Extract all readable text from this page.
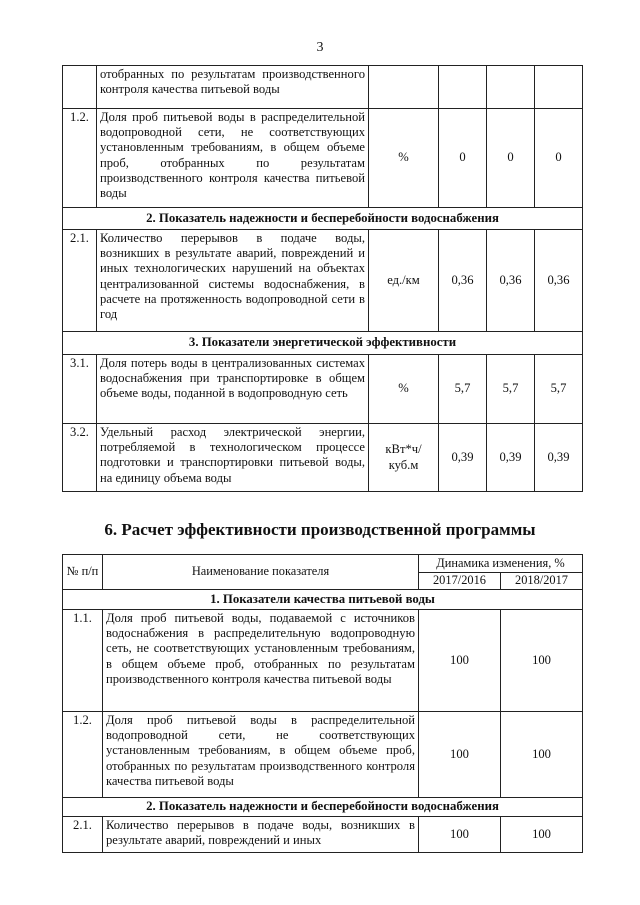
3
	отобранных по результатам производственного контроля качества питьевой воды				
1.2.	Доля проб питьевой воды в распределительной водопроводной сети, не соответствующих установленным требованиям, в общем объеме проб, отобранных по результатам производственного контроля качества питьевой воды	%	0	0	0
2. Показатель надежности и бесперебойности водоснабжения					
2.1.	Количество перерывов в подаче воды, возникших в результате аварий, повреждений и иных технологических нарушений на объектах централизованной системы водоснабжения, в расчете на протяженность водопроводной сети в год	ед./км	0,36	0,36	0,36
3. Показатели энергетической эффективности					
3.1.	Доля потерь воды в централизованных системах водоснабжения при транспортировке в общем объеме воды, поданной в водопроводную сеть	%	5,7	5,7	5,7
3.2.	Удельный расход электрической энергии, потребляемой в технологическом процессе подготовки и транспортировки питьевой воды, на единицу объема воды	кВт*ч/ куб.м	0,39	0,39	0,39
6. Расчет эффективности производственной программы
№ п/п	Наименование показателя	Динамика изменения, %	
		2017/2016	2018/2017
1. Показатели качества питьевой воды			
1.1.	Доля проб питьевой воды, подаваемой с источников водоснабжения в распределительную водопроводную сеть, не соответствующих установленным требованиям, в общем объеме проб, отобранных по результатам производственного контроля качества питьевой воды	100	100
1.2.	Доля проб питьевой воды в распределительной водопроводной сети, не соответствующих установленным требованиям, в общем объеме проб, отобранных по результатам производственного контроля качества питьевой воды	100	100
2. Показатель надежности и бесперебойности водоснабжения			
2.1.	Количество перерывов в подаче воды, возникших в результате аварий, повреждений и иных	100	100
